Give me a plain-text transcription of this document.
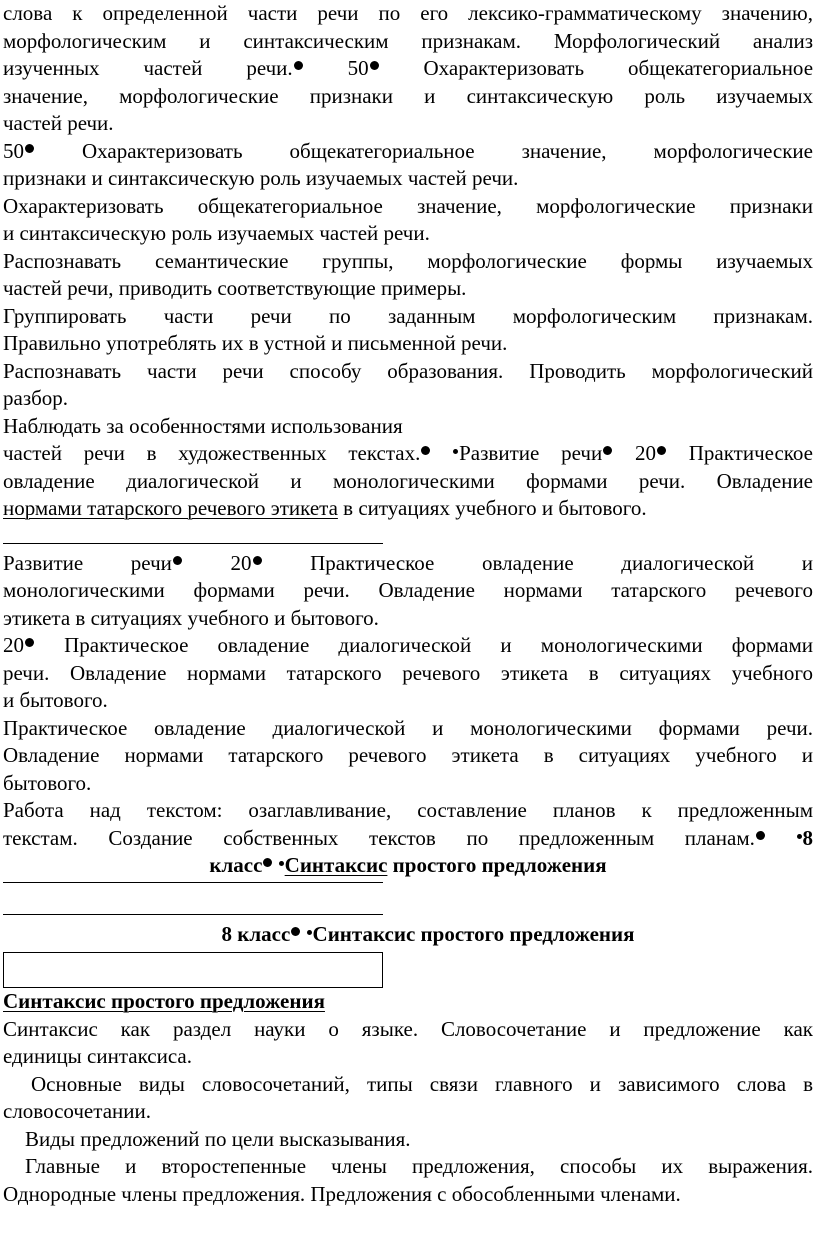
слова к определенной части речи по его лексико-грамматическому значению,
морфологическим и синтаксическим признакам. Морфологический анализ
изученных частей речи. 50 Охарактеризовать общекатегориальное
значение, морфологические признаки и синтаксическую роль изучаемых
частей речи.
50 Охарактеризовать общекатегориальное значение, морфологические
признаки и синтаксическую роль изучаемых частей речи.
Охарактеризовать общекатегориальное значение, морфологические признаки
и синтаксическую роль изучаемых частей речи.
Распознавать семантические группы, морфологические формы изучаемых
частей речи, приводить соответствующие примеры.
Группировать части речи по заданным морфологическим признакам.
Правильно употреблять их в устной и письменной речи.
Распознавать части речи способу образования. Проводить морфологический
разбор.
Наблюдать за особенностями использования
частей речи в художественных текстах. Развитие речи 20 Практическое
овладение диалогической и монологическими формами речи. Овладение
нормами татарского речевого этикета в ситуациях учебного и бытового.
Развитие речи 20 Практическое овладение диалогической и
монологическими формами речи. Овладение нормами татарского речевого
этикета в ситуациях учебного и бытового.
20 Практическое овладение диалогической и монологическими формами
речи. Овладение нормами татарского речевого этикета в ситуациях учебного
и бытового.
Практическое овладение диалогической и монологическими формами речи.
Овладение нормами татарского речевого этикета в ситуациях учебного и
бытового.
Работа над текстом: озаглавливание, составление планов к предложенным
текстам. Создание собственных текстов по предложенным планам. 8
класс Синтаксис простого предложения
8 класс Синтаксис простого предложения
Синтаксис простого предложения
Синтаксис как раздел науки о языке. Словосочетание и предложение как
единицы синтаксиса.
Основные виды словосочетаний, типы связи главного и зависимого слова в
словосочетании.
Виды предложений по цели высказывания.
Главные и второстепенные члены предложения, способы их выражения.
Однородные члены предложения. Предложения с обособленными членами.
